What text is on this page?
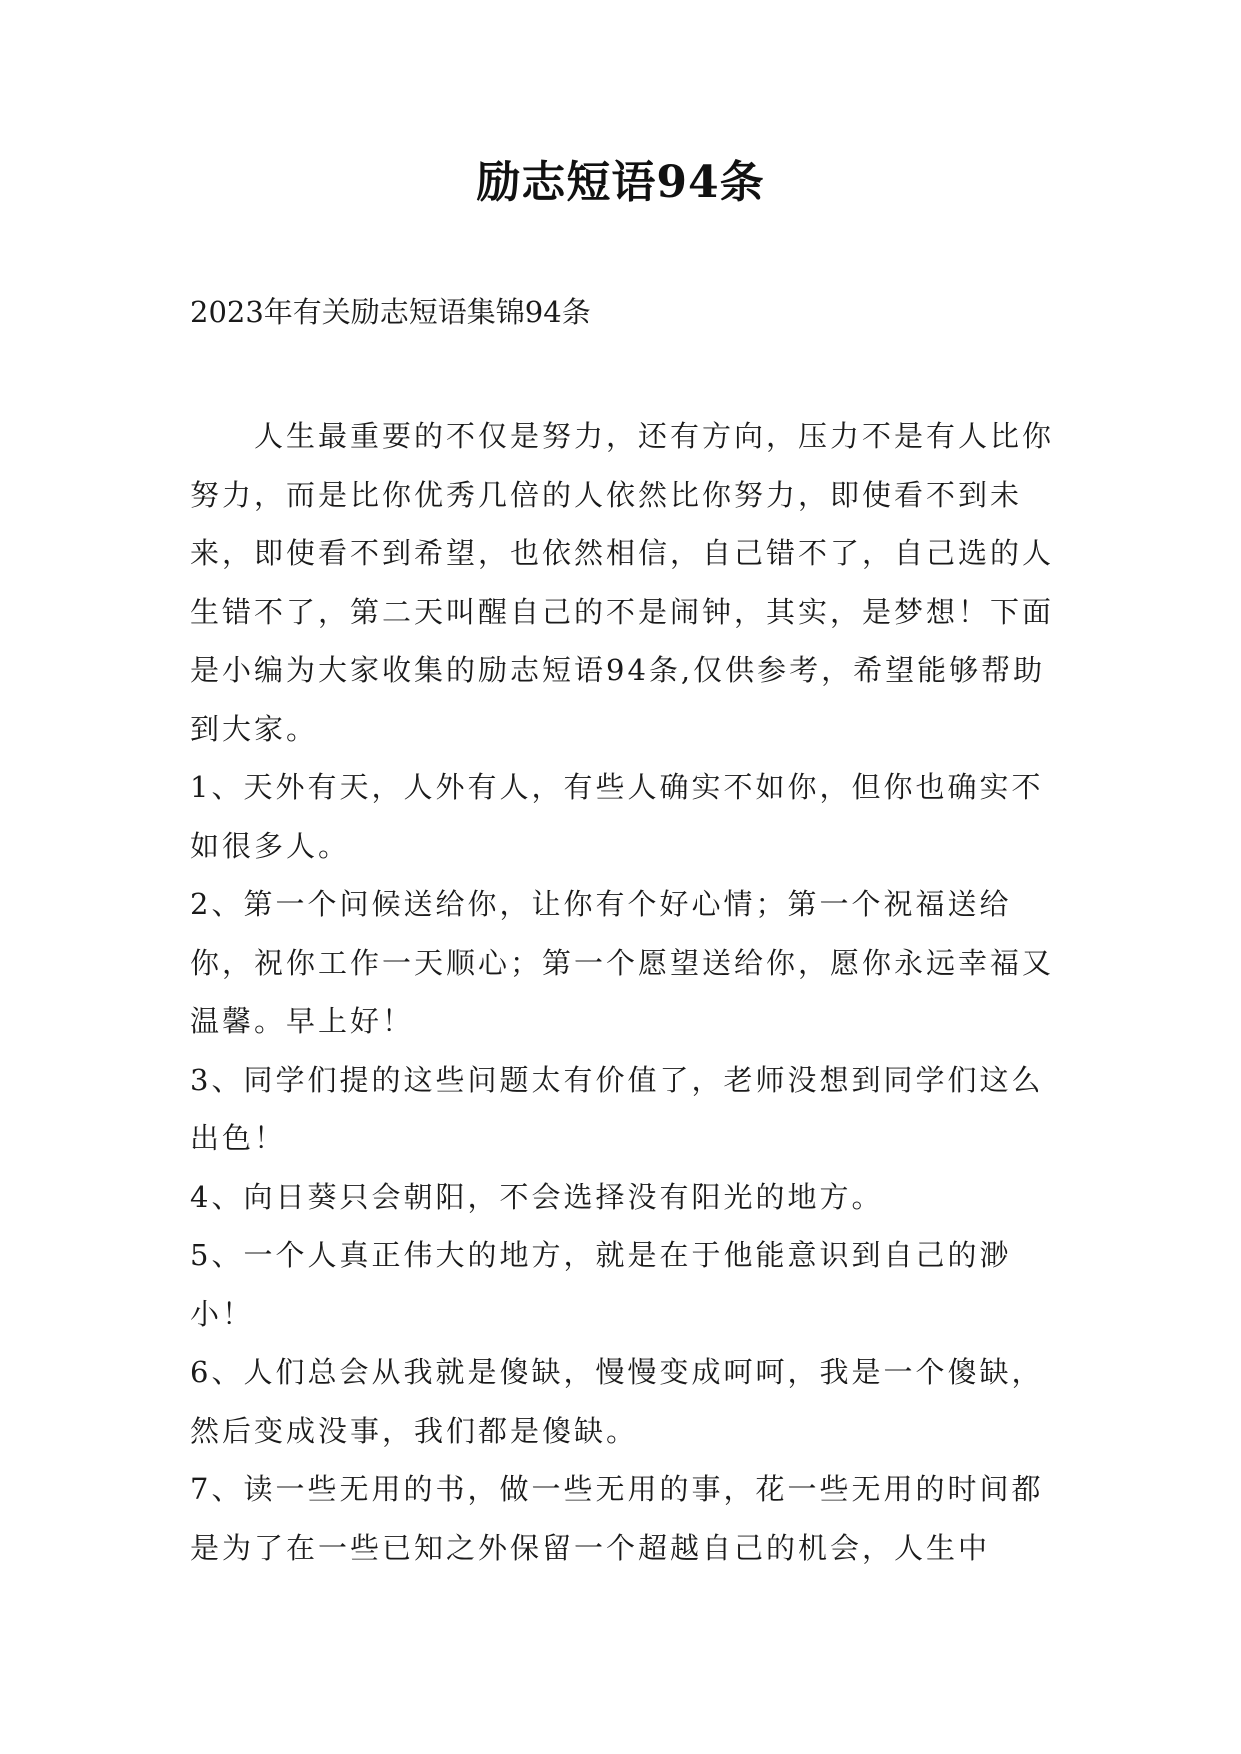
励志短语94条
2023年有关励志短语集锦94条

人生最重要的不仅是努力，还有方向，压力不是有人比你努力，而是比你优秀几倍的人依然比你努力，即使看不到未来，即使看不到希望，也依然相信，自己错不了，自己选的人生错不了，第二天叫醒自己的不是闹钟，其实，是梦想！下面是小编为大家收集的励志短语94条,仅供参考，希望能够帮助到大家。

1、天外有天，人外有人，有些人确实不如你，但你也确实不如很多人。

2、第一个问候送给你，让你有个好心情；第一个祝福送给你，祝你工作一天顺心；第一个愿望送给你，愿你永远幸福又温馨。早上好！

3、同学们提的这些问题太有价值了，老师没想到同学们这么出色！

4、向日葵只会朝阳，不会选择没有阳光的地方。

5、一个人真正伟大的地方，就是在于他能意识到自己的渺小！

6、人们总会从我就是傻缺，慢慢变成呵呵，我是一个傻缺，然后变成没事，我们都是傻缺。

7、读一些无用的书，做一些无用的事，花一些无用的时间都是为了在一些已知之外保留一个超越自己的机会，人生中
